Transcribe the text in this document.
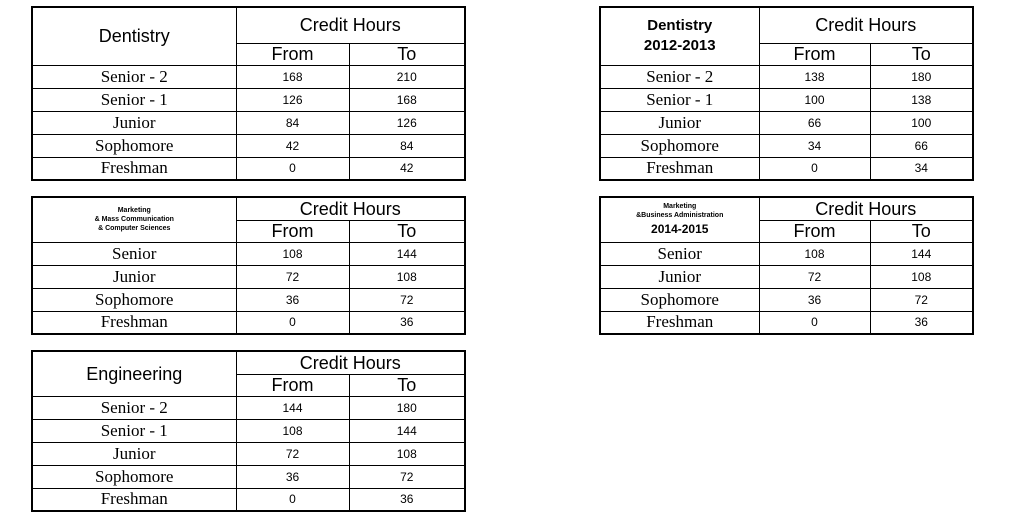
Dentistry	Credit Hours	
	From	To
Senior - 2	168	210
Senior - 1	126	168
Junior	84	126
Sophomore	42	84
Freshman	0	42
Dentistry
2012-2013	Credit Hours	
	From	To
Senior - 2	138	180
Senior - 1	100	138
Junior	66	100
Sophomore	34	66
Freshman	0	34
Marketing
& Mass Communication
& Computer Sciences	Credit Hours	
	From	To
Senior	108	144
Junior	72	108
Sophomore	36	72
Freshman	0	36
Marketing
&Business Administration
2014-2015	Credit Hours	
	From	To
Senior	108	144
Junior	72	108
Sophomore	36	72
Freshman	0	36
Engineering	Credit Hours	
	From	To
Senior - 2	144	180
Senior - 1	108	144
Junior	72	108
Sophomore	36	72
Freshman	0	36
